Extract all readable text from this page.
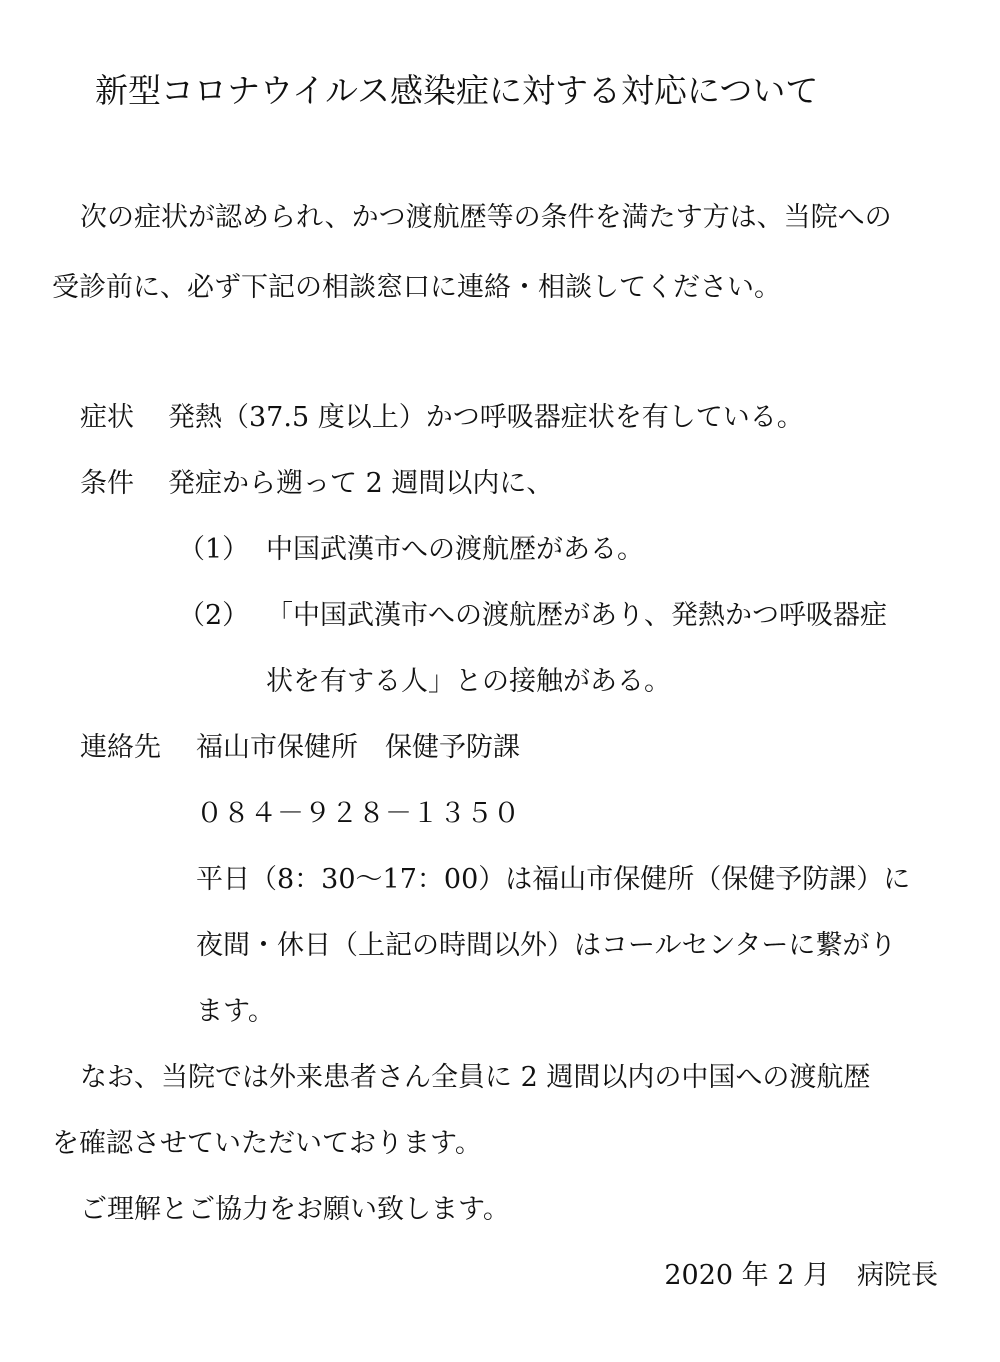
新型コロナウイルス感染症に対する対応について
次の症状が認められ、かつ渡航歴等の条件を満たす方は、当院への
受診前に、必ず下記の相談窓口に連絡・相談してください。
症状 発熱（37.5 度以上）かつ呼吸器症状を有している。
条件 発症から遡って 2 週間以内に、
（1） 中国武漢市への渡航歴がある。
（2） 「中国武漢市への渡航歴があり、発熱かつ呼吸器症
状を有する人」との接触がある。
連絡先 福山市保健所　保健予防課
０８４－９２８－１３５０
平日（8：30～17：00）は福山市保健所（保健予防課）に
夜間・休日（上記の時間以外）はコールセンターに繋がり
ます。
なお、当院では外来患者さん全員に 2 週間以内の中国への渡航歴
を確認させていただいております。
ご理解とご協力をお願い致します。
2020 年 2 月　病院長
